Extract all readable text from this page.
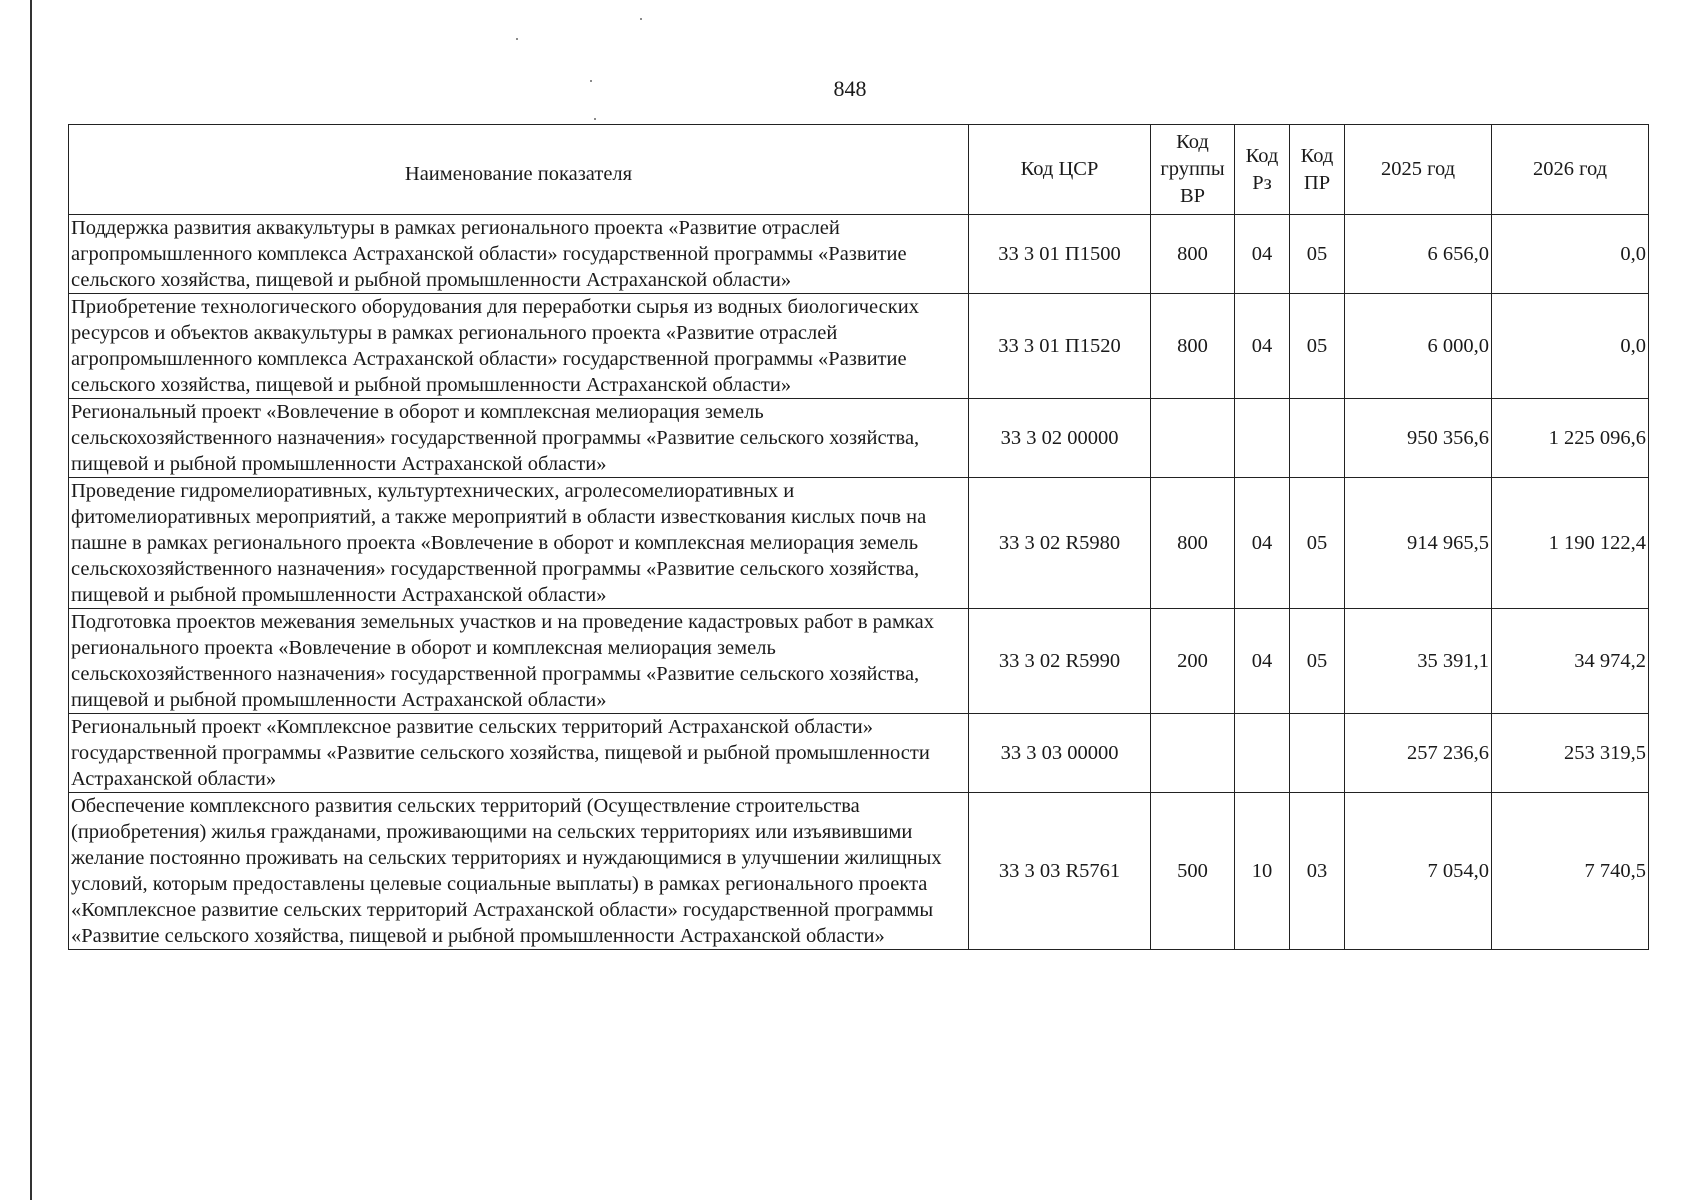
848
Наименование показателя	Код ЦСР	Код группы ВР	Код Рз	Код ПР	2025 год	2026 год
Поддержка развития аквакультуры в рамках регионального проекта «Развитие отраслей агропромышленного комплекса Астраханской области» государственной программы «Развитие сельского хозяйства, пищевой и рыбной промышленности Астраханской области»	33 3 01 П1500	800	04	05	6 656,0	0,0
Приобретение технологического оборудования для переработки сырья из водных биологических ресурсов и объектов аквакультуры в рамках регионального проекта «Развитие отраслей агропромышленного комплекса Астраханской области» государственной программы «Развитие сельского хозяйства, пищевой и рыбной промышленности Астраханской области»	33 3 01 П1520	800	04	05	6 000,0	0,0
Региональный проект «Вовлечение в оборот и комплексная мелиорация земель сельскохозяйственного назначения» государственной программы «Развитие сельского хозяйства, пищевой и рыбной промышленности Астраханской области»	33 3 02 00000				950 356,6	1 225 096,6
Проведение гидромелиоративных, культуртехнических, агролесомелиоративных и фитомелиоративных мероприятий, а также мероприятий в области известкования кислых почв на пашне в рамках регионального проекта «Вовлечение в оборот и комплексная мелиорация земель сельскохозяйственного назначения» государственной программы «Развитие сельского хозяйства, пищевой и рыбной промышленности Астраханской области»	33 3 02 R5980	800	04	05	914 965,5	1 190 122,4
Подготовка проектов межевания земельных участков и на проведение кадастровых работ в рамках регионального проекта «Вовлечение в оборот и комплексная мелиорация земель сельскохозяйственного назначения» государственной программы «Развитие сельского хозяйства, пищевой и рыбной промышленности Астраханской области»	33 3 02 R5990	200	04	05	35 391,1	34 974,2
Региональный проект «Комплексное развитие сельских территорий Астраханской области» государственной программы «Развитие сельского хозяйства, пищевой и рыбной промышленности Астраханской области»	33 3 03 00000				257 236,6	253 319,5
Обеспечение комплексного развития сельских территорий (Осуществление строительства (приобретения) жилья гражданами, проживающими на сельских территориях или изъявившими желание постоянно проживать на сельских территориях и нуждающимися в улучшении жилищных условий, которым предоставлены целевые социальные выплаты) в рамках регионального проекта «Комплексное развитие сельских территорий Астраханской области» государственной программы «Развитие сельского хозяйства, пищевой и рыбной промышленности Астраханской области»	33 3 03 R5761	500	10	03	7 054,0	7 740,5
